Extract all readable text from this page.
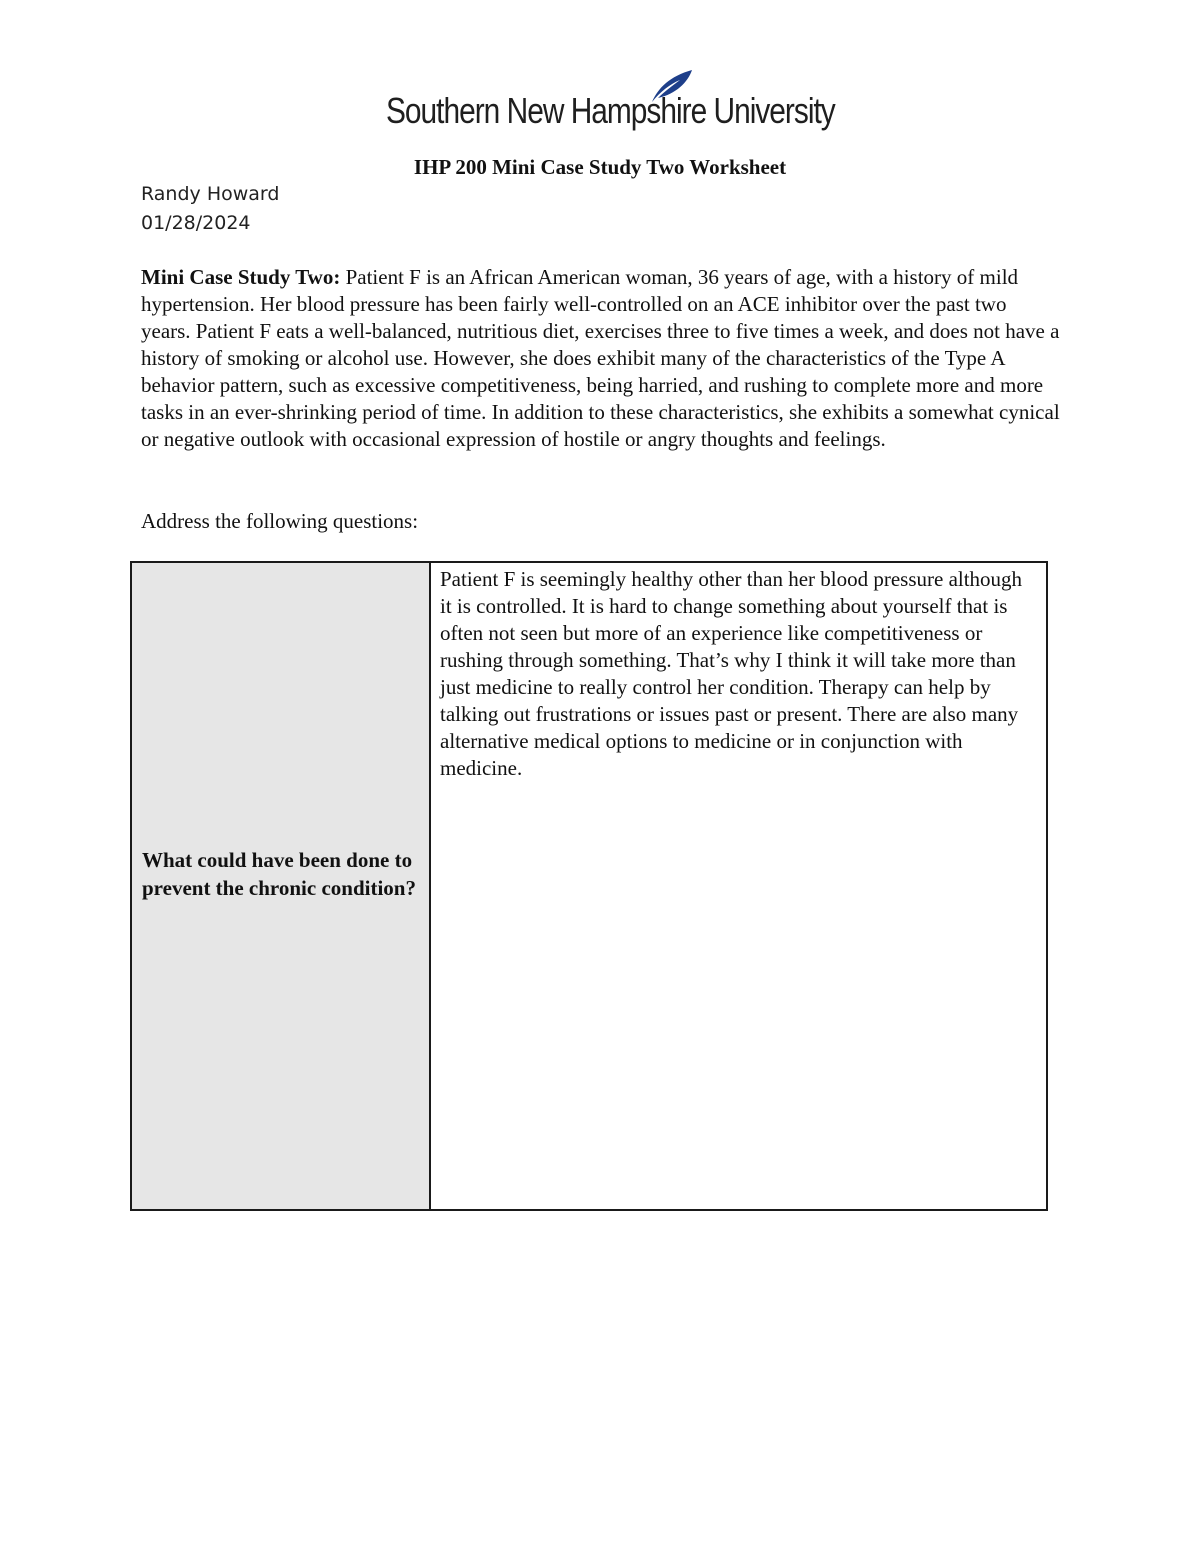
Southern New Hampshire University
IHP 200 Mini Case Study Two Worksheet
Randy Howard
01/28/2024
Mini Case Study Two: Patient F is an African American woman, 36 years of age, with a history of mild hypertension. Her blood pressure has been fairly well-controlled on an ACE inhibitor over the past two years. Patient F eats a well-balanced, nutritious diet, exercises three to five times a week, and does not have a history of smoking or alcohol use. However, she does exhibit many of the characteristics of the Type A behavior pattern, such as excessive competitiveness, being harried, and rushing to complete more and more tasks in an ever-shrinking period of time. In addition to these characteristics, she exhibits a somewhat cynical or negative outlook with occasional expression of hostile or angry thoughts and feelings.
Address the following questions:
What could have been done to prevent the chronic condition?
Patient F is seemingly healthy other than her blood pressure although it is controlled. It is hard to change something about yourself that is often not seen but more of an experience like competitiveness or rushing through something. That’s why I think it will take more than just medicine to really control her condition. Therapy can help by talking out frustrations or issues past or present. There are also many alternative medical options to medicine or in conjunction with medicine.
